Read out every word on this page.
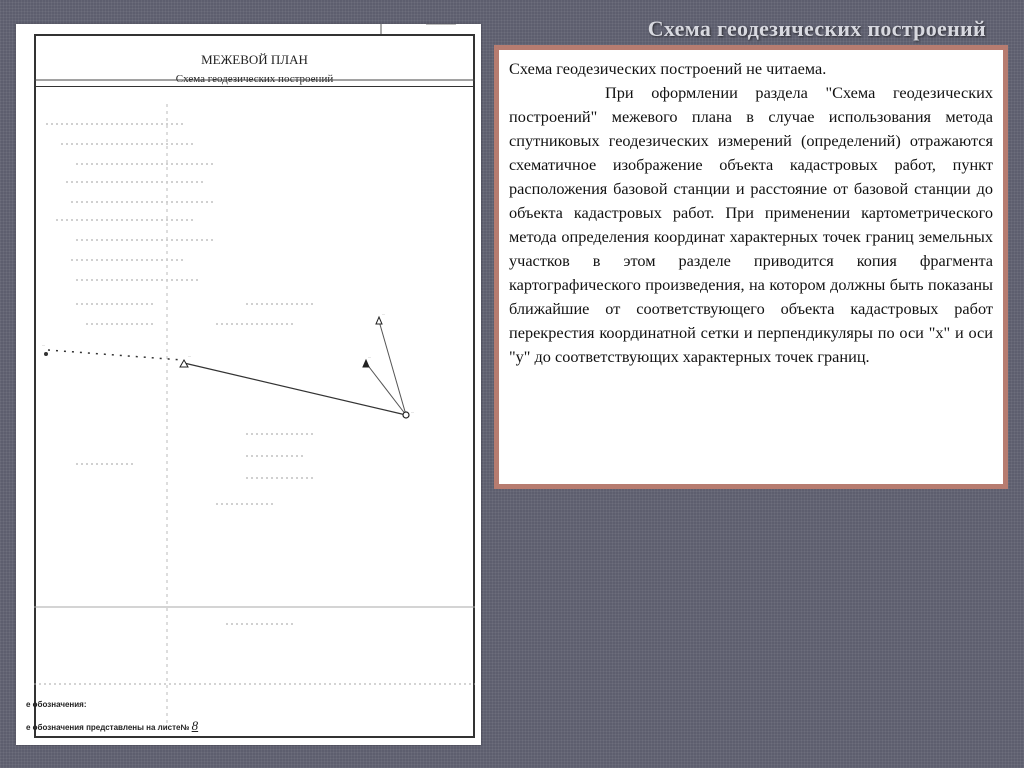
Схема геодезических построений
МЕЖЕВОЙ ПЛАН
Схема геодезических построений
...
...
...
...
...
е обозначения:
е обозначения представлены на листе№ 8

Схема геодезических построений не читаема.

При оформлении раздела "Схема геодезических построений" межевого плана в случае использования метода спутниковых геодезических измерений (определений) отражаются схематичное изображение объекта кадастровых работ, пункт расположения базовой станции и расстояние от базовой станции до объекта кадастровых работ. При применении картометрического метода определения координат характерных точек границ земельных участков в этом разделе приводится копия фрагмента картографического произведения, на котором должны быть показаны ближайшие от соответствующего объекта кадастровых работ перекрестия координатной сетки и перпендикуляры по оси "x" и оси "у" до соответствующих характерных точек границ.
